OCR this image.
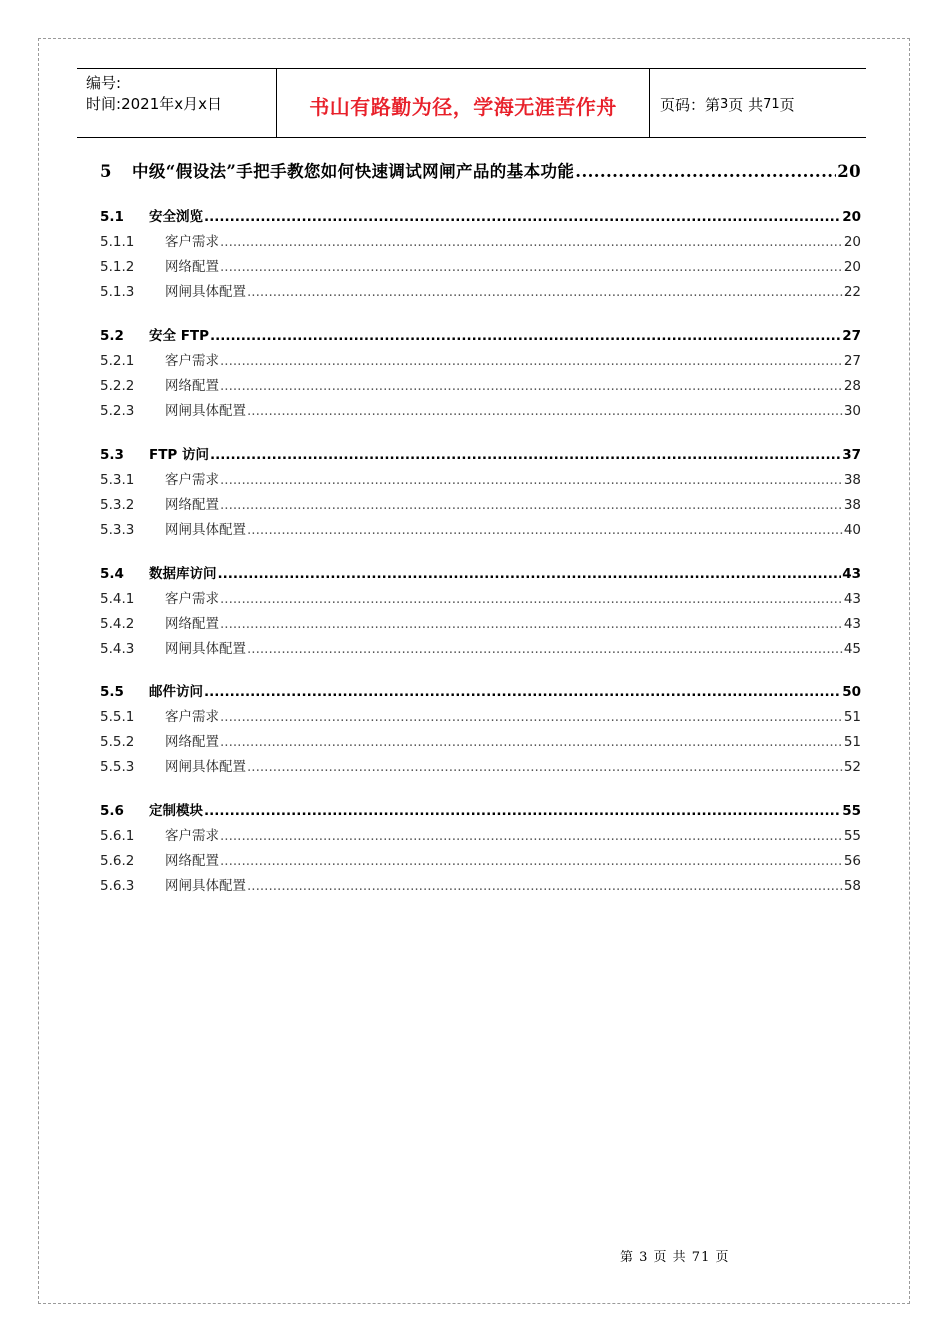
编号:
时间:2021年x月x日	书山有路勤为径，学海无涯苦作舟	页码：第 3 页 共 71 页
5	中级“假设法”手把手教您如何快速调试网闸产品的基本功能 .....	20
5.1	安全浏览 .....	20
5.1.1	客户需求 .....	20
5.1.2	网络配置 .....	20
5.1.3	网闸具体配置 .....	22
5.2	安全 FTP .....	27
5.2.1	客户需求 .....	27
5.2.2	网络配置 .....	28
5.2.3	网闸具体配置 .....	30
5.3	FTP 访问 .....	37
5.3.1	客户需求 .....	38
5.3.2	网络配置 .....	38
5.3.3	网闸具体配置 .....	40
5.4	数据库访问 .....	43
5.4.1	客户需求 .....	43
5.4.2	网络配置 .....	43
5.4.3	网闸具体配置 .....	45
5.5	邮件访问 .....	50
5.5.1	客户需求 .....	51
5.5.2	网络配置 .....	51
5.5.3	网闸具体配置 .....	52
5.6	定制模块 .....	55
5.6.1	客户需求 .....	55
5.6.2	网络配置 .....	56
5.6.3	网闸具体配置 .....	58
第 3 页 共 71 页
